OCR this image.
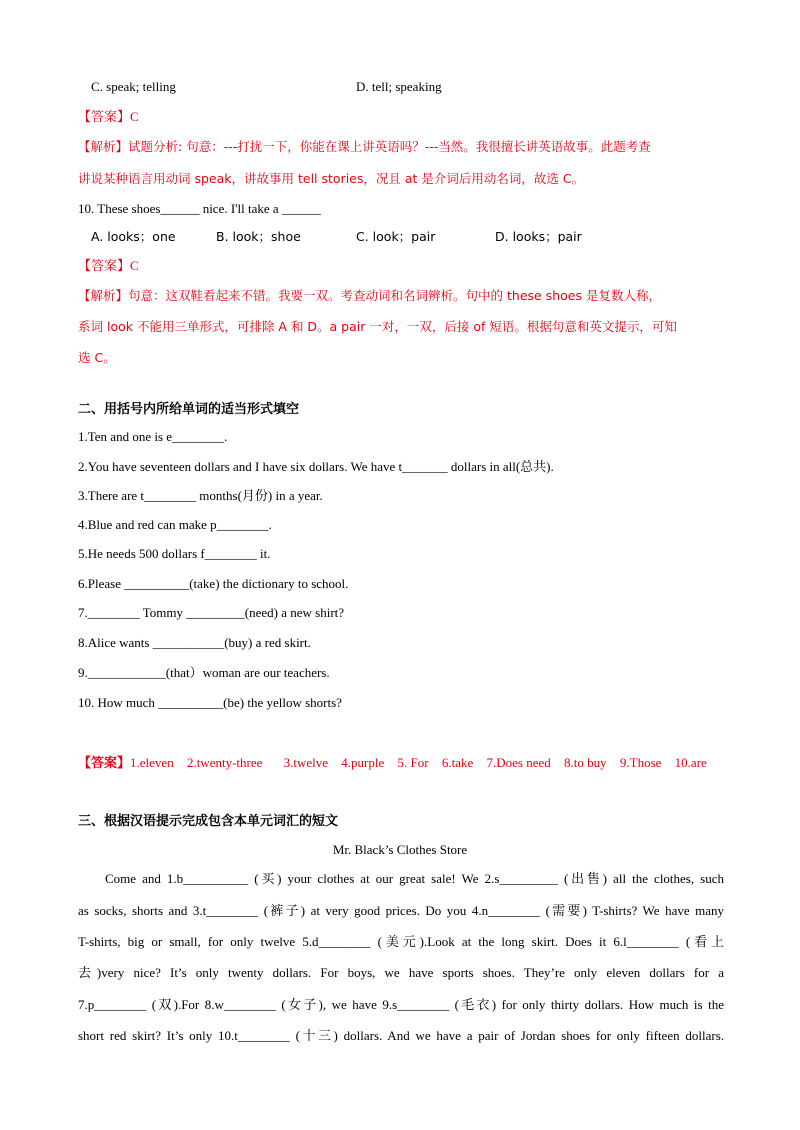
C. speak; telling	D. tell; speaking
【答案】C
【解析】试题分析: 句意：---打扰一下，你能在课上讲英语吗？---当然。我很擅长讲英语故事。此题考查
讲说某种语言用动词 speak，讲故事用 tell stories，况且 at 是介词后用动名词，故选 C。
10. These shoes______ nice. I'll take a ______
A. looks；one	B. look；shoe	C. look；pair	D. looks；pair
【答案】C
【解析】句意：这双鞋看起来不错。我要一双。考查动词和名词辨析。句中的 these shoes 是复数人称，
系词 look 不能用三单形式，可排除 A 和 D。a pair 一对，一双，后接 of 短语。根据句意和英文提示，可知
选 C。
二、用括号内所给单词的适当形式填空
1.Ten and one is e________.
2.You have seventeen dollars and I have six dollars. We have t_______ dollars in all(总共).
3.There are t________ months(月份) in a year.
4.Blue and red can make p________.
5.He needs 500 dollars f________ it.
6.Please __________(take) the dictionary to school.
7.________ Tommy _________(need) a new shirt?
8.Alice wants ___________(buy) a red skirt.
9.____________(that）woman are our teachers.
10. How much __________(be) the yellow shorts?
【答案】1.eleven 2.twenty-three 3.twelve 4.purple 5. For 6.take 7.Does need 8.to buy 9.Those 10.are
三、根据汉语提示完成包含本单元词汇的短文
Mr. Black’s Clothes Store
Come and 1.b__________ (买) your clothes at our great sale! We 2.s_________ (出售) all the clothes, such
as socks, shorts and 3.t________ (裤子) at very good prices. Do you 4.n________ (需要) T-shirts? We have many
T-shirts, big or small, for only twelve 5.d________ (美元).Look at the long skirt. Does it 6.l________ (看上
去)very nice? It’s only twenty dollars. For boys, we have sports shoes. They’re only eleven dollars for a
7.p________ (双).For 8.w________ (女子), we have 9.s________ (毛衣) for only thirty dollars. How much is the
short red skirt? It’s only 10.t________ (十三) dollars. And we have a pair of Jordan shoes for only fifteen dollars.
